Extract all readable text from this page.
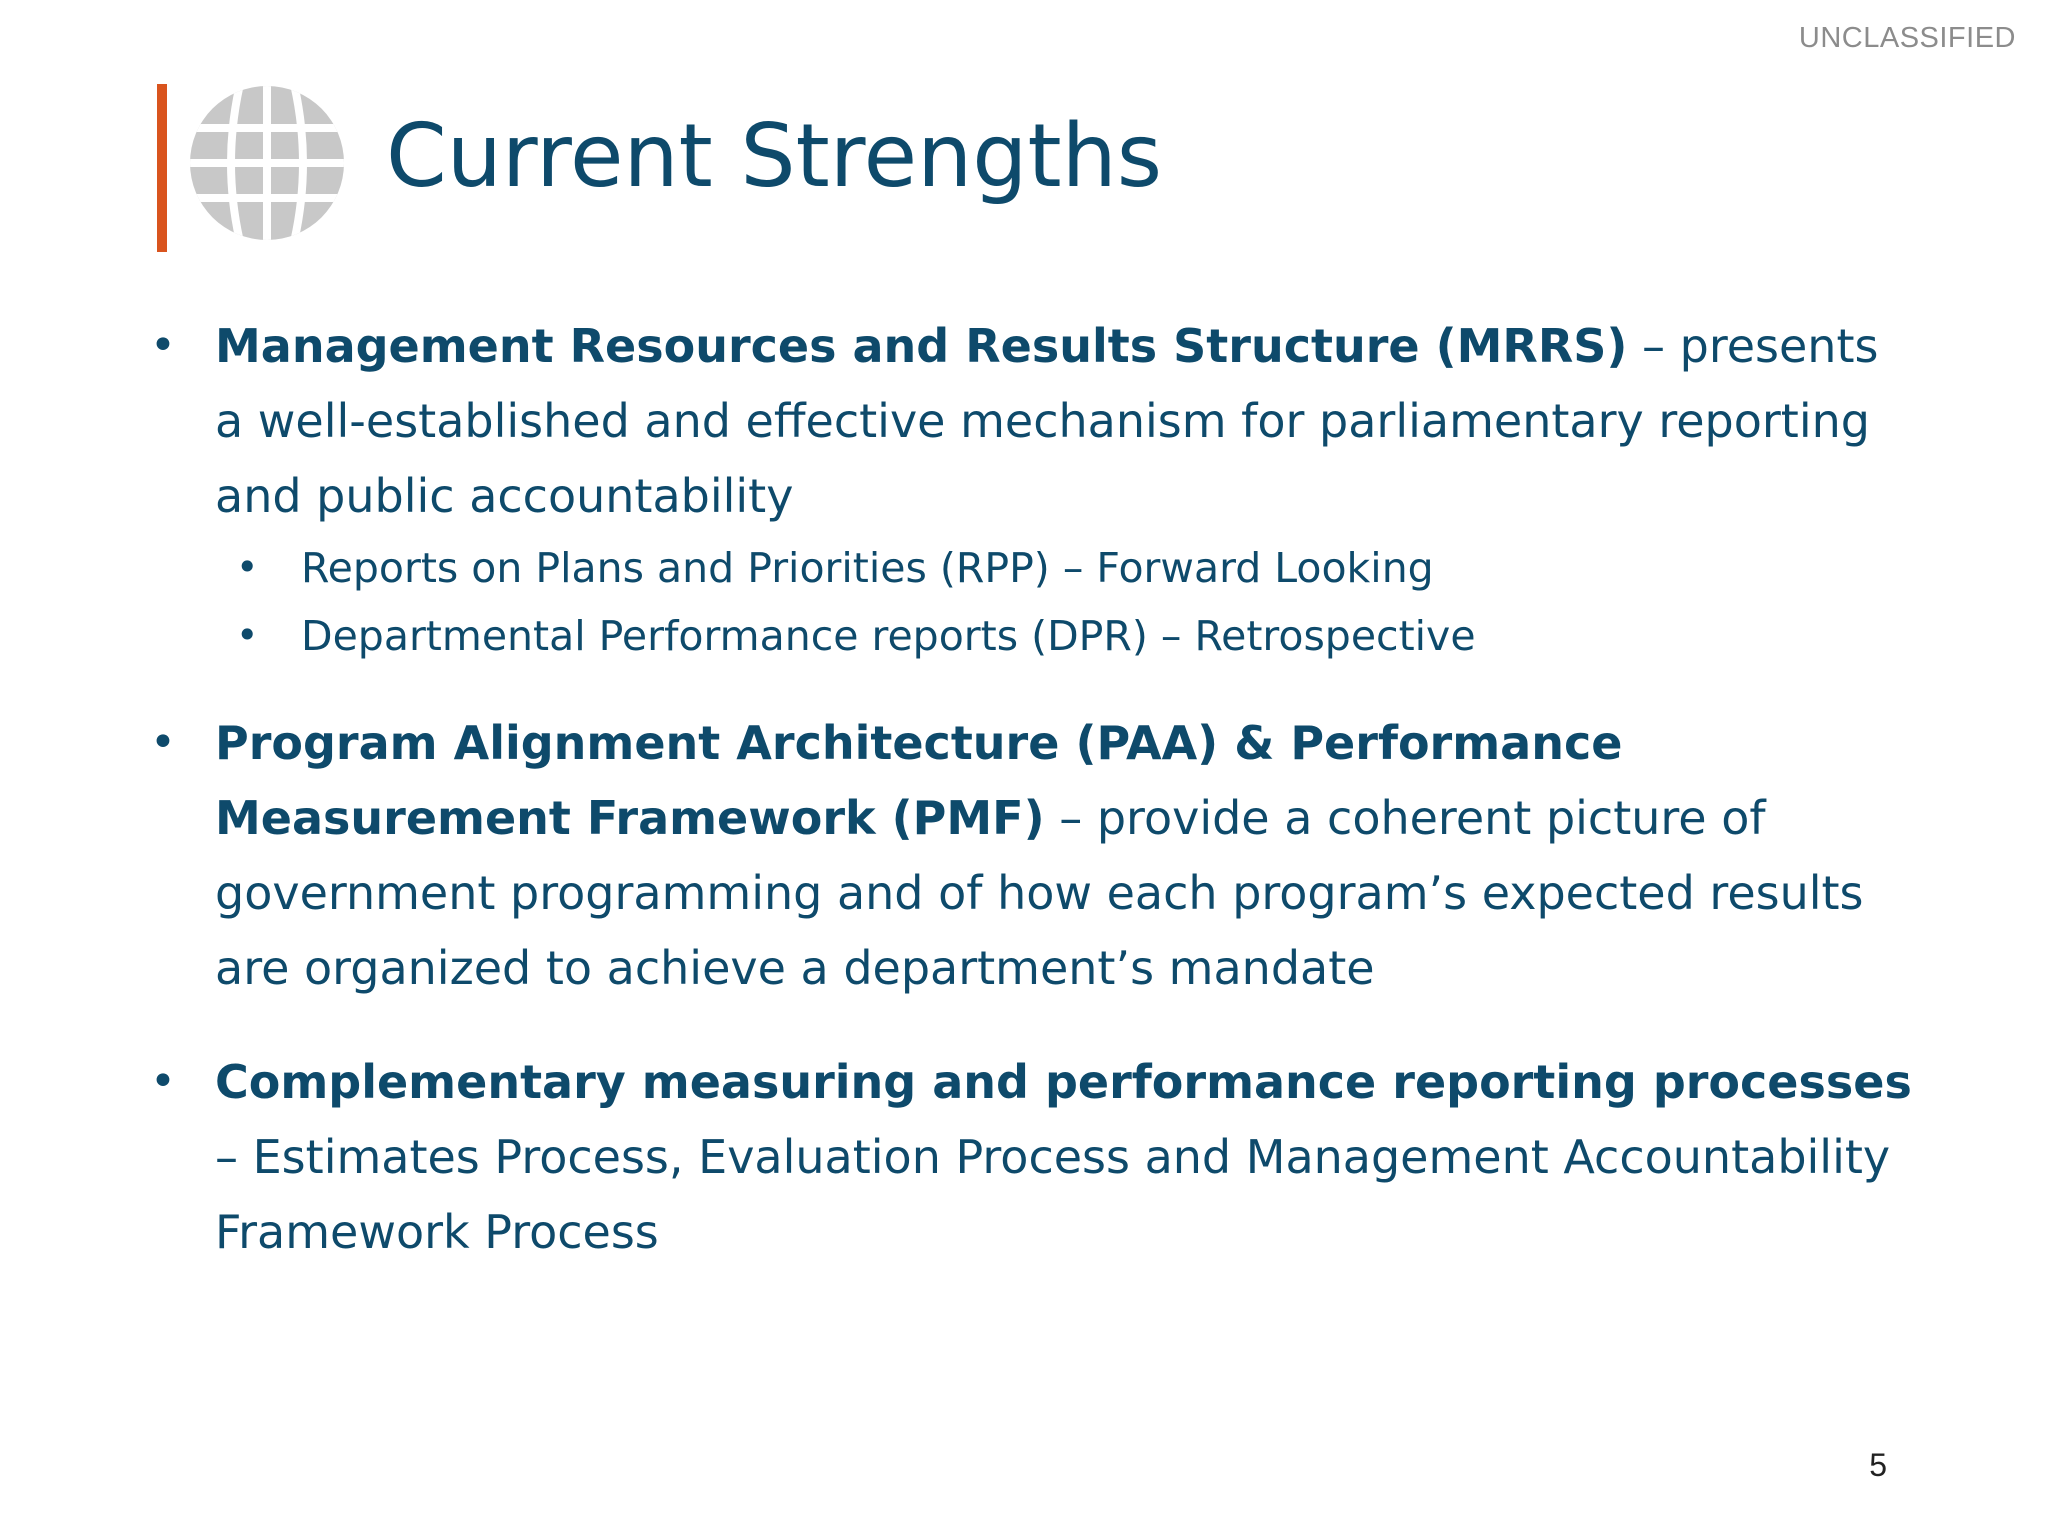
UNCLASSIFIED
Current Strengths
• Management Resources and Results Structure (MRRS) – presents a well-established and effective mechanism for parliamentary reporting and public accountability

• Reports on Plans and Priorities (RPP) – Forward Looking
• Departmental Performance reports (DPR) – Retrospective
• Program Alignment Architecture (PAA) & Performance Measurement Framework (PMF) – provide a coherent picture of government programming and of how each program’s expected results are organized to achieve a department’s mandate

• Complementary measuring and performance reporting processes – Estimates Process, Evaluation Process and Management Accountability Framework Process

5
